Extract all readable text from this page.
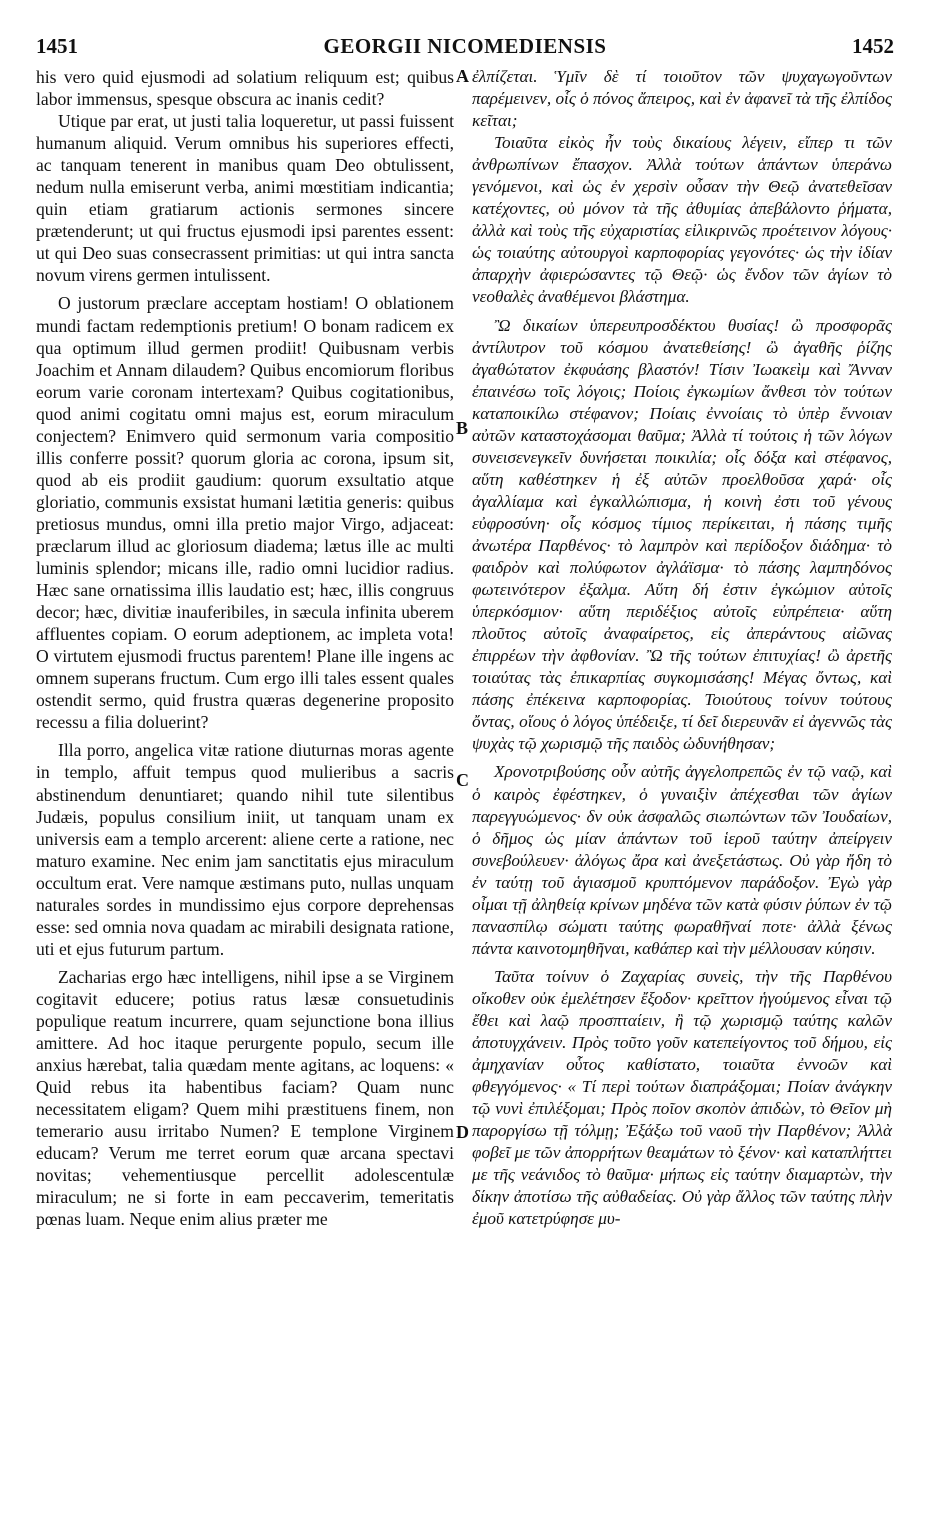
1451	GEORGII NICOMEDIENSIS	1452

his vero quid ejusmodi ad solatium reliquum est; quibus labor immensus, spesque obscura ac inanis cedit?

Utique par erat, ut justi talia loqueretur, ut passi fuissent humanum aliquid. Verum omnibus his superiores effecti, ac tanquam tenerent in manibus quam Deo obtulissent, nedum nulla emiserunt verba, animi mœstitiam indicantia; quin etiam gratiarum actionis sermones sincere prætenderunt; ut qui fructus ejusmodi ipsi parentes essent: ut qui Deo suas consecrassent primitias: ut qui intra sancta novum virens germen intulissent.

O justorum præclare acceptam hostiam! O oblationem mundi factam redemptionis pretium! O bonam radicem ex qua optimum illud germen prodiit! Quibusnam verbis Joachim et Annam dilaudem? Quibus encomiorum floribus eorum varie coronam intertexam? Quibus cogitationibus, quod animi cogitatu omni majus est, eorum miraculum conjectem? Enimvero quid sermonum varia compositio illis conferre possit? quorum gloria ac corona, ipsum sit, quod ab eis prodiit gaudium: quorum exsultatio atque gloriatio, communis exsistat humani lætitia generis: quibus pretiosus mundus, omni illa pretio major Virgo, adjaceat: præclarum illud ac gloriosum diadema; lætus ille ac multi luminis splendor; micans ille, radio omni lucidior radius. Hæc sane ornatissima illis laudatio est; hæc, illis congruus decor; hæc, divitiæ inauferibiles, in sæcula infinita uberem affluentes copiam. O eorum adeptionem, ac impleta vota! O virtutem ejusmodi fructus parentem! Plane ille ingens ac omnem superans fructum. Cum ergo illi tales essent quales ostendit sermo, quid frustra quæras degenerine proposito recessu a filia doluerint?

Illa porro, angelica vitæ ratione diuturnas moras agente in templo, affuit tempus quod mulieribus a sacris abstinendum denuntiaret; quando nihil tute silentibus Judæis, populus consilium iniit, ut tanquam unam ex universis eam a templo arcerent: aliene certe a ratione, nec maturo examine. Nec enim jam sanctitatis ejus miraculum occultum erat. Vere namque æstimans puto, nullas unquam naturales sordes in mundissimo ejus corpore deprehensas esse: sed omnia nova quadam ac mirabili designata ratione, uti et ejus futurum partum.

Zacharias ergo hæc intelligens, nihil ipse a se Virginem cogitavit educere; potius ratus læsæ consuetudinis populique reatum incurrere, quam sejunctione bona illius amittere. Ad hoc itaque perurgente populo, secum ille anxius hærebat, talia quædam mente agitans, ac loquens: « Quid rebus ita habentibus faciam? Quam nunc necessitatem eligam? Quem mihi præstituens finem, non temerario ausu irritabo Numen? E templone Virginem educam? Verum me terret eorum quæ arcana spectavi novitas; vehementiusque percellit adolescentulæ miraculum; ne si forte in eam peccaverim, temeritatis pœnas luam. Neque enim alius præter me

A
B
C
D

ἐλπίζεται. Ὑμῖν δὲ τί τοιοῦτον τῶν ψυχαγωγοῦντων παρέμεινεν, οἷς ὁ πόνος ἄπειρος, καὶ ἐν ἀφανεῖ τὰ τῆς ἐλπίδος κεῖται;

Τοιαῦτα εἰκὸς ἦν τοὺς δικαίους λέγειν, εἴπερ τι τῶν ἀνθρωπίνων ἔπασχον. Ἀλλὰ τούτων ἁπάντων ὑπεράνω γενόμενοι, καὶ ὡς ἐν χερσὶν οὖσαν τὴν Θεῷ ἀνατεθεῖσαν κατέχοντες, οὐ μόνον τὰ τῆς ἀθυμίας ἀπεβάλοντο ῥήματα, ἀλλὰ καὶ τοὺς τῆς εὐχαριστίας εἰλικρινῶς προέτεινον λόγους· ὡς τοιαύτης αὐτουργοὶ καρποφορίας γεγονότες· ὡς τὴν ἰδίαν ἀπαρχὴν ἀφιερώσαντες τῷ Θεῷ· ὡς ἔνδον τῶν ἁγίων τὸ νεοθαλὲς ἀναθέμενοι βλάστημα.

Ὢ δικαίων ὑπερευπροσδέκτου θυσίας! ὢ προσφορᾶς ἀντίλυτρον τοῦ κόσμου ἀνατεθείσης! ὢ ἀγαθῆς ῥίζης ἀγαθώτατον ἐκφυάσης βλαστόν! Τίσιν Ἰωακεὶμ καὶ Ἄνναν ἐπαινέσω τοῖς λόγοις; Ποίοις ἐγκωμίων ἄνθεσι τὸν τούτων καταποικίλω στέφανον; Ποίαις ἐννοίαις τὸ ὑπὲρ ἔννοιαν αὐτῶν καταστοχάσομαι θαῦμα; Ἀλλὰ τί τούτοις ἡ τῶν λόγων συνεισενεγκεῖν δυνήσεται ποικιλία; οἷς δόξα καὶ στέφανος, αὕτη καθέστηκεν ἡ ἐξ αὐτῶν προελθοῦσα χαρά· οἷς ἀγαλλίαμα καὶ ἐγκαλλώπισμα, ἡ κοινὴ ἐστι τοῦ γένους εὐφροσύνη· οἷς κόσμος τίμιος περίκειται, ἡ πάσης τιμῆς ἀνωτέρα Παρθένος· τὸ λαμπρὸν καὶ περίδοξον διάδημα· τὸ φαιδρὸν καὶ πολύφωτον ἀγλάϊσμα· τὸ πάσης λαμπηδόνος φωτεινότερον ἐξαλμα. Αὕτη δή ἐστιν ἐγκώμιον αὐτοῖς ὑπερκόσμιον· αὕτη περιδέξιος αὐτοῖς εὐπρέπεια· αὕτη πλοῦτος αὐτοῖς ἀναφαίρετος, εἰς ἀπεράντους αἰῶνας ἐπιρρέων τὴν ἀφθονίαν. Ὢ τῆς τούτων ἐπιτυχίας! ὢ ἀρετῆς τοιαύτας τὰς ἐπικαρπίας συγκομισάσης! Μέγας ὄντως, καὶ πάσης ἐπέκεινα καρποφορίας. Τοιούτους τοίνυν τούτους ὄντας, οἵους ὁ λόγος ὑπέδειξε, τί δεῖ διερευνᾶν εἰ ἀγεννῶς τὰς ψυχὰς τῷ χωρισμῷ τῆς παιδὸς ὠδυνήθησαν;

Χρονοτριβούσης οὖν αὐτῆς ἀγγελοπρεπῶς ἐν τῷ ναῷ, καὶ ὁ καιρὸς ἐφέστηκεν, ὁ γυναιξὶν ἀπέχεσθαι τῶν ἁγίων παρεγγυώμενος· δν οὐκ ἀσφαλῶς σιωπώντων τῶν Ἰουδαίων, ὁ δῆμος ὡς μίαν ἁπάντων τοῦ ἱεροῦ ταύτην ἀπείργειν συνεβούλευεν· ἀλόγως ἄρα καὶ ἀνεξετάστως. Οὐ γὰρ ἤδη τὸ ἐν ταύτῃ τοῦ ἁγιασμοῦ κρυπτόμενον παράδοξον. Ἐγὼ γὰρ οἶμαι τῇ ἀληθείᾳ κρίνων μηδένα τῶν κατὰ φύσιν ῥύπων ἐν τῷ πανασπίλῳ σώματι ταύτης φωραθῆναί ποτε· ἀλλὰ ξένως πάντα καινοτομηθῆναι, καθάπερ καὶ τὴν μέλλουσαν κύησιν.

Ταῦτα τοίνυν ὁ Ζαχαρίας συνεὶς, τὴν τῆς Παρθένου οἴκοθεν οὐκ ἐμελέτησεν ἔξοδον· κρεῖττον ἡγούμενος εἶναι τῷ ἔθει καὶ λαῷ προσπταίειν, ἢ τῷ χωρισμῷ ταύτης καλῶν ἀποτυγχάνειν. Πρὸς τοῦτο γοῦν κατεπείγοντος τοῦ δήμου, εἰς ἀμηχανίαν οὗτος καθίστατο, τοιαῦτα ἐννοῶν καὶ φθεγγόμενος· « Τί περὶ τούτων διαπράξομαι; Ποίαν ἀνάγκην τῷ νυνὶ ἐπιλέξομαι; Πρὸς ποῖον σκοπὸν ἀπιδὼν, τὸ Θεῖον μὴ παροργίσω τῇ τόλμῃ; Ἐξάξω τοῦ ναοῦ τὴν Παρθένον; Ἀλλὰ φοβεῖ με τῶν ἀπορρήτων θεαμάτων τὸ ξένον· καὶ καταπλήττει με τῆς νεάνιδος τὸ θαῦμα· μήπως εἰς ταύτην διαμαρτὼν, τὴν δίκην ἀποτίσω τῆς αὐθαδείας. Οὐ γὰρ ἄλλος τῶν ταύτης πλὴν ἐμοῦ κατετρύφησε μυ-
